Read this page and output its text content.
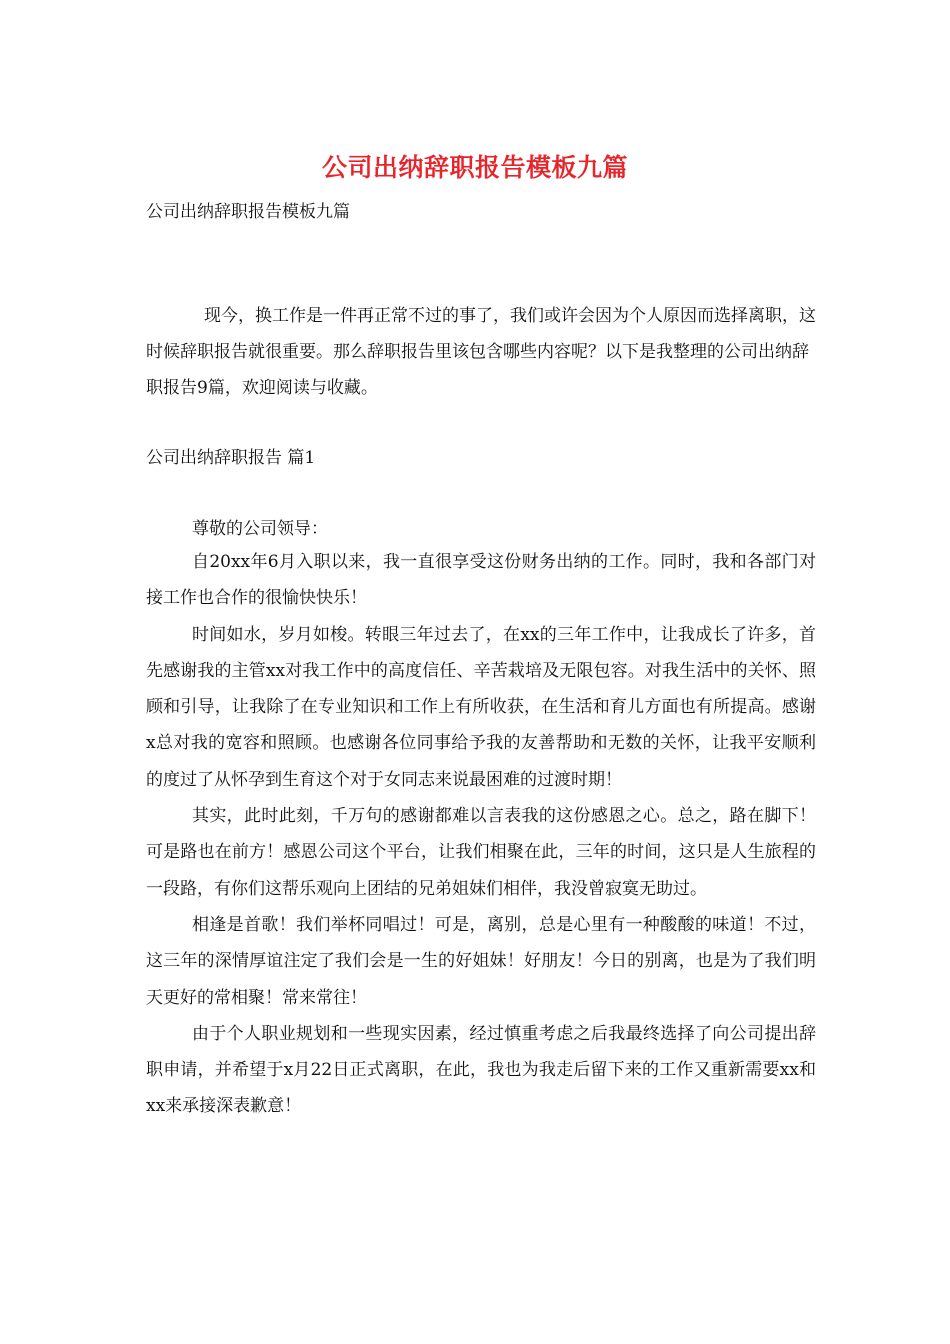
公司出纳辞职报告模板九篇
公司出纳辞职报告模板九篇

现今，换工作是一件再正常不过的事了，我们或许会因为个人原因而选择离职，这时候辞职报告就很重要。那么辞职报告里该包含哪些内容呢？以下是我整理的公司出纳辞职报告9篇，欢迎阅读与收藏。

公司出纳辞职报告 篇1

尊敬的公司领导：

自20xx年6月入职以来，我一直很享受这份财务出纳的工作。同时，我和各部门对接工作也合作的很愉快快乐！

时间如水，岁月如梭。转眼三年过去了，在xx的三年工作中，让我成长了许多，首先感谢我的主管xx对我工作中的高度信任、辛苦栽培及无限包容。对我生活中的关怀、照顾和引导，让我除了在专业知识和工作上有所收获，在生活和育儿方面也有所提高。感谢x总对我的宽容和照顾。也感谢各位同事给予我的友善帮助和无数的关怀，让我平安顺利的度过了从怀孕到生育这个对于女同志来说最困难的过渡时期！

其实，此时此刻，千万句的感谢都难以言表我的这份感恩之心。总之，路在脚下！可是路也在前方！感恩公司这个平台，让我们相聚在此，三年的时间，这只是人生旅程的一段路，有你们这帮乐观向上团结的兄弟姐妹们相伴，我没曾寂寞无助过。

相逢是首歌！我们举杯同唱过！可是，离别，总是心里有一种酸酸的味道！不过，这三年的深情厚谊注定了我们会是一生的好姐妹！好朋友！今日的别离，也是为了我们明天更好的常相聚！常来常往！

由于个人职业规划和一些现实因素，经过慎重考虑之后我最终选择了向公司提出辞职申请，并希望于x月22日正式离职，在此，我也为我走后留下来的工作又重新需要xx和xx来承接深表歉意！
